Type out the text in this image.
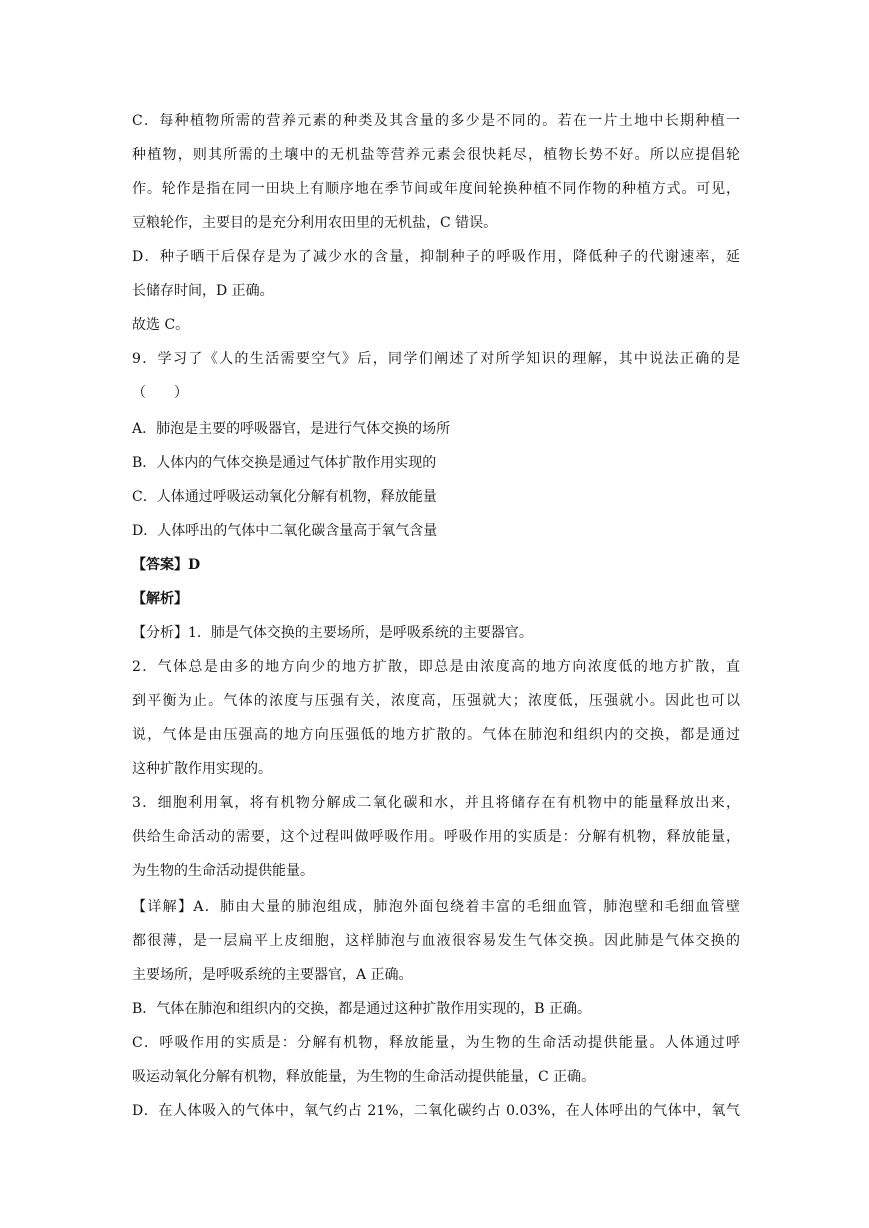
C．每种植物所需的营养元素的种类及其含量的多少是不同的。若在一片土地中长期种植一
种植物，则其所需的土壤中的无机盐等营养元素会很快耗尽，植物长势不好。所以应提倡轮
作。轮作是指在同一田块上有顺序地在季节间或年度间轮换种植不同作物的种植方式。可见，
豆粮轮作，主要目的是充分利用农田里的无机盐，C 错误。
D．种子晒干后保存是为了减少水的含量，抑制种子的呼吸作用，降低种子的代谢速率，延
长储存时间，D 正确。
故选 C。
9．学习了《人的生活需要空气》后，同学们阐述了对所学知识的理解，其中说法正确的是
（　　）
A．肺泡是主要的呼吸器官，是进行气体交换的场所
B．人体内的气体交换是通过气体扩散作用实现的
C．人体通过呼吸运动氧化分解有机物，释放能量
D．人体呼出的气体中二氧化碳含量高于氧气含量
【答案】D
【解析】
【分析】1．肺是气体交换的主要场所，是呼吸系统的主要器官。
2．气体总是由多的地方向少的地方扩散，即总是由浓度高的地方向浓度低的地方扩散，直
到平衡为止。气体的浓度与压强有关，浓度高，压强就大；浓度低，压强就小。因此也可以
说，气体是由压强高的地方向压强低的地方扩散的。气体在肺泡和组织内的交换，都是通过
这种扩散作用实现的。
3．细胞利用氧，将有机物分解成二氧化碳和水，并且将储存在有机物中的能量释放出来，
供给生命活动的需要，这个过程叫做呼吸作用。呼吸作用的实质是：分解有机物，释放能量，
为生物的生命活动提供能量。
【详解】A．肺由大量的肺泡组成，肺泡外面包绕着丰富的毛细血管，肺泡壁和毛细血管壁
都很薄，是一层扁平上皮细胞，这样肺泡与血液很容易发生气体交换。因此肺是气体交换的
主要场所，是呼吸系统的主要器官，A 正确。
B．气体在肺泡和组织内的交换，都是通过这种扩散作用实现的，B 正确。
C．呼吸作用的实质是：分解有机物，释放能量，为生物的生命活动提供能量。人体通过呼
吸运动氧化分解有机物，释放能量，为生物的生命活动提供能量，C 正确。
D．在人体吸入的气体中，氧气约占 21%，二氧化碳约占 0.03%，在人体呼出的气体中，氧气
